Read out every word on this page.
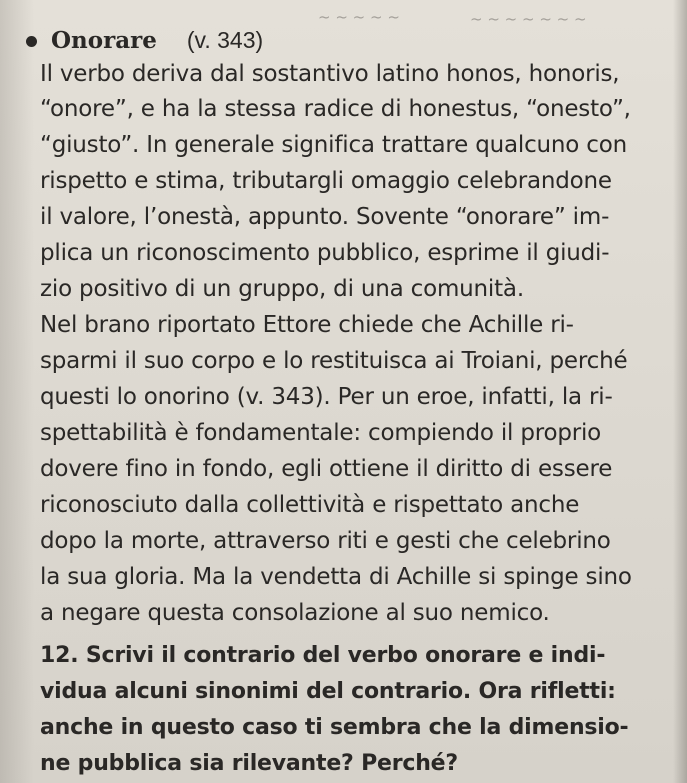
~ ~ ~ ~ ~	~ ~ ~ ~ ~ ~ ~
Onorare (v. 343)
Il verbo deriva dal sostantivo latino honos, honoris,
“onore”, e ha la stessa radice di honestus, “onesto”,
“giusto”. In generale significa trattare qualcuno con
rispetto e stima, tributargli omaggio celebrandone
il valore, l’onestà, appunto. Sovente “onorare” im-
plica un riconoscimento pubblico, esprime il giudi-
zio positivo di un gruppo, di una comunità.
Nel brano riportato Ettore chiede che Achille ri-
sparmi il suo corpo e lo restituisca ai Troiani, perché
questi lo onorino (v. 343). Per un eroe, infatti, la ri-
spettabilità è fondamentale: compiendo il proprio
dovere fino in fondo, egli ottiene il diritto di essere
riconosciuto dalla collettività e rispettato anche
dopo la morte, attraverso riti e gesti che celebrino
la sua gloria. Ma la vendetta di Achille si spinge sino
a negare questa consolazione al suo nemico.
12. Scrivi il contrario del verbo onorare e indi-
vidua alcuni sinonimi del contrario. Ora rifletti:
anche in questo caso ti sembra che la dimensio-
ne pubblica sia rilevante? Perché?
